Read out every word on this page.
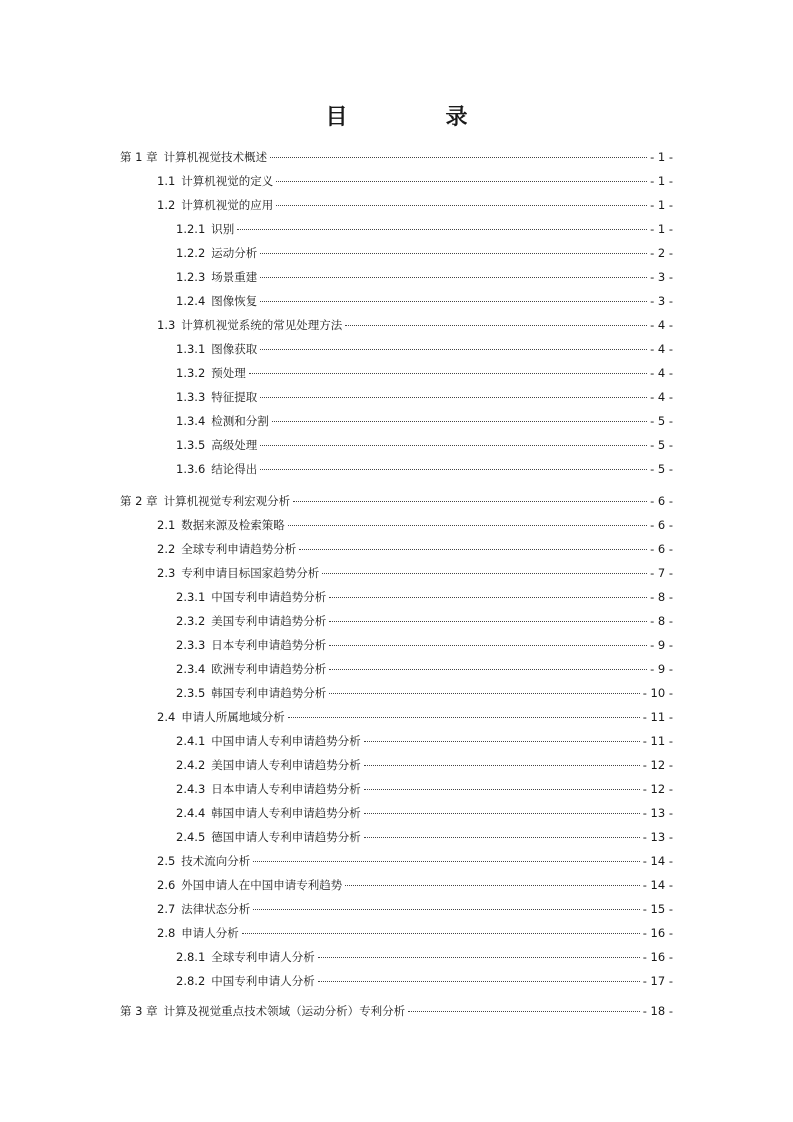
目　录
第 1 章 计算机视觉技术概述	- 1 -
1.1 计算机视觉的定义	- 1 -
1.2 计算机视觉的应用	- 1 -
1.2.1 识别	- 1 -
1.2.2 运动分析	- 2 -
1.2.3 场景重建	- 3 -
1.2.4 图像恢复	- 3 -
1.3 计算机视觉系统的常见处理方法	- 4 -
1.3.1 图像获取	- 4 -
1.3.2 预处理	- 4 -
1.3.3 特征提取	- 4 -
1.3.4 检测和分割	- 5 -
1.3.5 高级处理	- 5 -
1.3.6 结论得出	- 5 -
第 2 章 计算机视觉专利宏观分析	- 6 -
2.1 数据来源及检索策略	- 6 -
2.2 全球专利申请趋势分析	- 6 -
2.3 专利申请目标国家趋势分析	- 7 -
2.3.1 中国专利申请趋势分析	- 8 -
2.3.2 美国专利申请趋势分析	- 8 -
2.3.3 日本专利申请趋势分析	- 9 -
2.3.4 欧洲专利申请趋势分析	- 9 -
2.3.5 韩国专利申请趋势分析	- 10 -
2.4 申请人所属地域分析	- 11 -
2.4.1 中国申请人专利申请趋势分析	- 11 -
2.4.2 美国申请人专利申请趋势分析	- 12 -
2.4.3 日本申请人专利申请趋势分析	- 12 -
2.4.4 韩国申请人专利申请趋势分析	- 13 -
2.4.5 德国申请人专利申请趋势分析	- 13 -
2.5 技术流向分析	- 14 -
2.6 外国申请人在中国申请专利趋势	- 14 -
2.7 法律状态分析	- 15 -
2.8 申请人分析	- 16 -
2.8.1 全球专利申请人分析	- 16 -
2.8.2 中国专利申请人分析	- 17 -
第 3 章 计算及视觉重点技术领域（运动分析）专利分析	- 18 -
